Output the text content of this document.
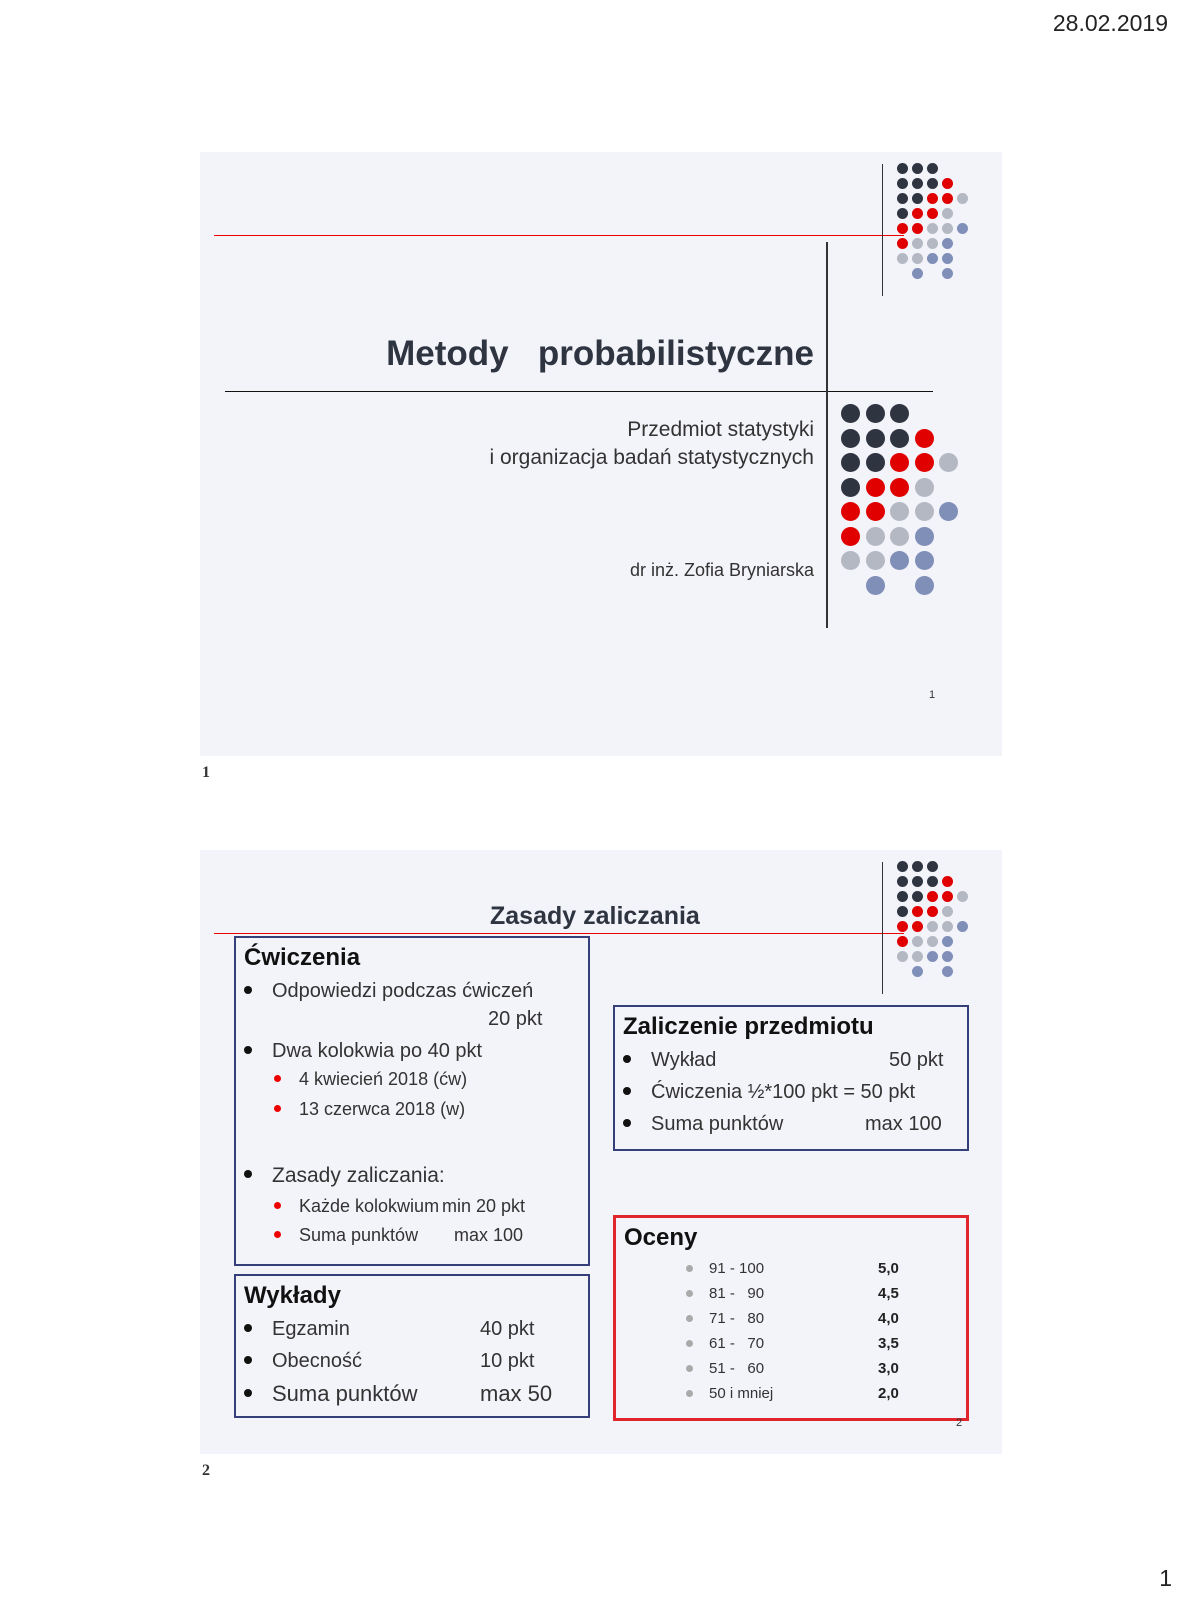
28.02.2019
Metody   probabilistyczne
Przedmiot statystyki
i organizacja badań statystycznych
dr inż. Zofia Bryniarska
1
1
Zasady zaliczania
Ćwiczenia
Odpowiedzi podczas ćwiczeń
20 pkt
Dwa kolokwia po 40 pkt
4 kwiecień 2018 (ćw)
13 czerwca 2018 (w)
Zasady zaliczania:
Każde kolokwium min 20 pkt
Suma punktów max 100
Wykłady
Egzamin	40 pkt
Obecność	10 pkt
Suma punktów	max 50
Zaliczenie przedmiotu
Wykład	50 pkt
Ćwiczenia ½*100 pkt = 50 pkt
Suma punktów	max 100
Oceny
91 - 100	5,0
81 -   90	4,5
71 -   80	4,0
61 -   70	3,5
51 -   60	3,0
50 i mniej	2,0
2
2
1
